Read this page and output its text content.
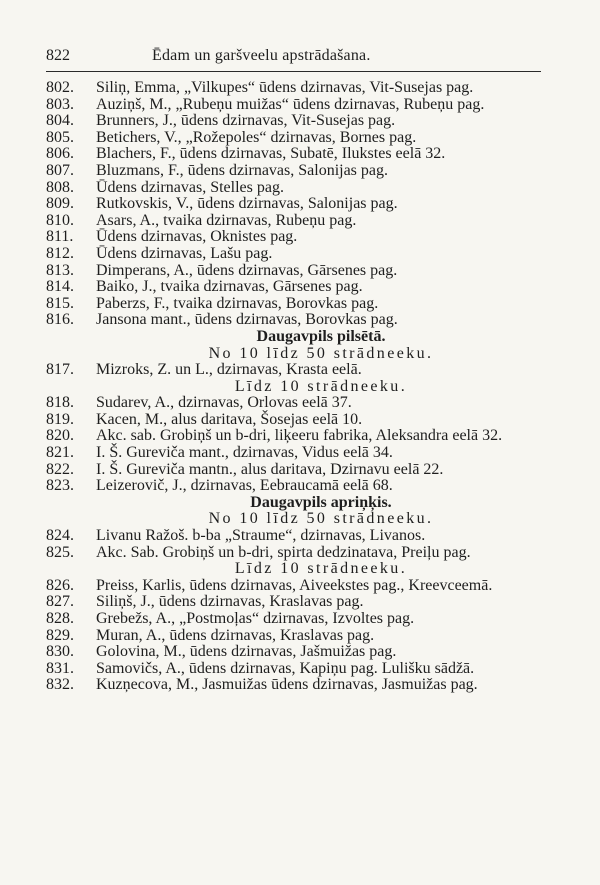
822	Ēdam un garšveelu apstrādašana.
802.	Siliņ, Emma, „Vilkupes“ ūdens dzirnavas, Vit-Susejas pag.
803.	Auziņš, M., „Rubeņu muižas“ ūdens dzirnavas, Rubeņu pag.
804.	Brunners, J., ūdens dzirnavas, Vit-Susejas pag.
805.	Betichers, V., „Rožepoles“ dzirnavas, Bornes pag.
806.	Blachers, F., ūdens dzirnavas, Subatē, Ilukstes eelā 32.
807.	Bluzmans, F., ūdens dzirnavas, Salonijas pag.
808.	Ūdens dzirnavas, Stelles pag.
809.	Rutkovskis, V., ūdens dzirnavas, Salonijas pag.
810.	Asars, A., tvaika dzirnavas, Rubeņu pag.
811.	Ūdens dzirnavas, Oknistes pag.
812.	Ūdens dzirnavas, Lašu pag.
813.	Dimperans, A., ūdens dzirnavas, Gārsenes pag.
814.	Baiko, J., tvaika dzirnavas, Gārsenes pag.
815.	Paberzs, F., tvaika dzirnavas, Borovkas pag.
816.	Jansona mant., ūdens dzirnavas, Borovkas pag.
Daugavpils pilsētā.
No 10 līdz 50 strādneeku.
817.	Mizroks, Z. un L., dzirnavas, Krasta eelā.
Līdz 10 strādneeku.
818.	Sudarev, A., dzirnavas, Orlovas eelā 37.
819.	Kacen, M., alus daritava, Šosejas eelā 10.
820.	Akc. sab. Grobiņš un b-dri, liķeeru fabrika, Aleksandra eelā 32.
821.	I. Š. Gurevičа mant., dzirnavas, Vidus eelā 34.
822.	I. Š. Gurevičа mantn., alus daritava, Dzirnavu eelā 22.
823.	Leizerovič, J., dzirnavas, Eebraucamā eelā 68.
Daugavpils apriņķis.
No 10 līdz 50 strādneeku.
824.	Livanu Ražoš. b-ba „Straume“, dzirnavas, Livanos.
825.	Akc. Sab. Grobiņš un b-dri, spirta dedzinatava, Preiļu pag.
Līdz 10 strādneeku.
826.	Preiss, Karlis, ūdens dzirnavas, Aiveekstes pag., Kreevceemā.
827.	Siliņš, J., ūdens dzirnavas, Kraslavas pag.
828.	Grebežs, A., „Postmoļas“ dzirnavas, Izvoltes pag.
829.	Muran, A., ūdens dzirnavas, Kraslavas pag.
830.	Golovina, M., ūdens dzirnavas, Jašmuižas pag.
831.	Samovičs, A., ūdens dzirnavas, Kapiņu pag. Lulišku sādžā.
832.	Kuzņecova, M., Jasmuižas ūdens dzirnavas, Jasmuižas pag.
